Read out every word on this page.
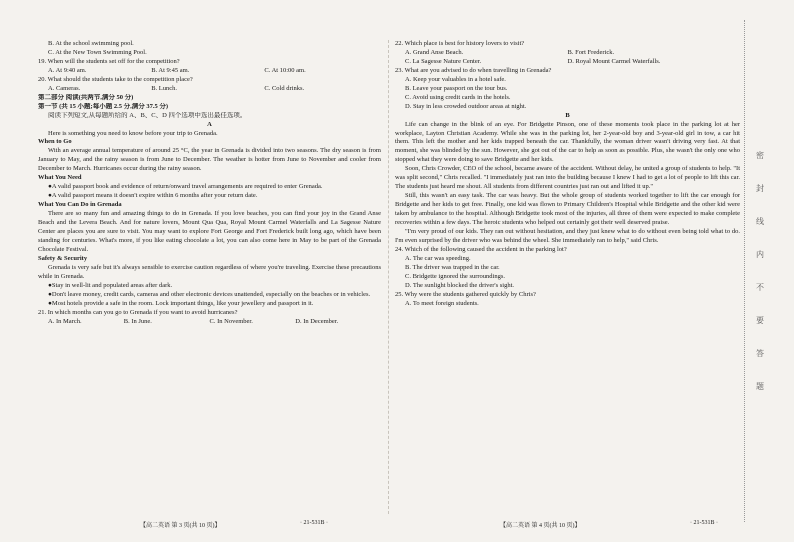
密
封
线
内
不
要
答
题
B. At the school swimming pool.
C. At the New Town Swimming Pool.
19. When will the students set off for the competition?
A. At 9:40 am.	B. At 9:45 am.	C. At 10:00 am.
20. What should the students take to the competition place?
A. Cameras.	B. Lunch.	C. Cold drinks.
第二部分 阅读(共两节,满分 50 分)
第一节 (共 15 小题;每小题 2.5 分,满分 37.5 分)
阅读下列短文,从每题所给的 A、B、C、D 四个选项中选出最佳选项。
A
Here is something you need to know before your trip to Grenada.
When to Go
With an average annual temperature of around 25 °C, the year in Grenada is divided into two seasons. The dry season is from January to May, and the rainy season is from June to December. The weather is hotter from June to November and cooler from December to March. Hurricanes occur during the rainy season.
What You Need
●A valid passport book and evidence of return/onward travel arrangements are required to enter Grenada.
●A valid passport means it doesn't expire within 6 months after your return date.
What You Can Do in Grenada
There are so many fun and amazing things to do in Grenada. If you love beaches, you can find your joy in the Grand Anse Beach and the Levera Beach. And for nature lovers, Mount Qua Qua, Royal Mount Carmel Waterfalls and La Sagesse Nature Center are places you are sure to visit. You may want to explore Fort George and Fort Frederick built long ago, which have been standing for centuries. What's more, if you like eating chocolate a lot, you can also come here in May to be part of the Grenada Chocolate Festival.
Safety & Security
Grenada is very safe but it's always sensible to exercise caution regardless of where you're traveling. Exercise these precautions while in Grenada.
●Stay in well-lit and populated areas after dark.
●Don't leave money, credit cards, cameras and other electronic devices unattended, especially on the beaches or in vehicles.
●Most hotels provide a safe in the room. Lock important things, like your jewellery and passport in it.
21. In which months can you go to Grenada if you want to avoid hurricanes?
A. In March.	B. In June.	C. In November.	D. In December.
22. Which place is best for history lovers to visit?
A. Grand Anse Beach.	B. Fort Frederick.
C. La Sagesse Nature Center.	D. Royal Mount Carmel Waterfalls.
23. What are you advised to do when travelling in Grenada?
A. Keep your valuables in a hotel safe.
B. Leave your passport on the tour bus.
C. Avoid using credit cards in the hotels.
D. Stay in less crowded outdoor areas at night.
B
Life can change in the blink of an eye. For Bridgette Pinson, one of these moments took place in the parking lot at her workplace, Layton Christian Academy. While she was in the parking lot, her 2-year-old boy and 3-year-old girl in tow, a car hit them. This left the mother and her kids trapped beneath the car. Thankfully, the woman driver wasn't driving very fast. At that moment, she was blinded by the sun. However, she got out of the car to help as soon as possible. Plus, she wasn't the only one who stopped what they were doing to save Bridgette and her kids.
Soon, Chris Crowder, CEO of the school, became aware of the accident. Without delay, he united a group of students to help. "It was split second," Chris recalled. "I immediately just ran into the building because I knew I had to get a lot of people to lift this car. The students just heard me shout. All students from different countries just ran out and lifted it up."
Still, this wasn't an easy task. The car was heavy. But the whole group of students worked together to lift the car enough for Bridgette and her kids to get free. Finally, one kid was flown to Primary Children's Hospital while Bridgette and the other kid were taken by ambulance to the hospital. Although Bridgette took most of the injuries, all three of them were expected to make complete recoveries within a few days. The heroic students who helped out certainly got their well deserved praise.
"I'm very proud of our kids. They ran out without hesitation, and they just knew what to do without even being told what to do. I'm even surprised by the driver who was behind the wheel. She immediately ran to help," said Chris.
24. Which of the following caused the accident in the parking lot?
A. The car was speeding.
B. The driver was trapped in the car.
C. Bridgette ignored the surroundings.
D. The sunlight blocked the driver's sight.
25. Why were the students gathered quickly by Chris?
A. To meet foreign students.
【高二英语 第 3 页(共 10 页)】	· 21-531B ·	【高二英语 第 4 页(共 10 页)】	· 21-531B ·
